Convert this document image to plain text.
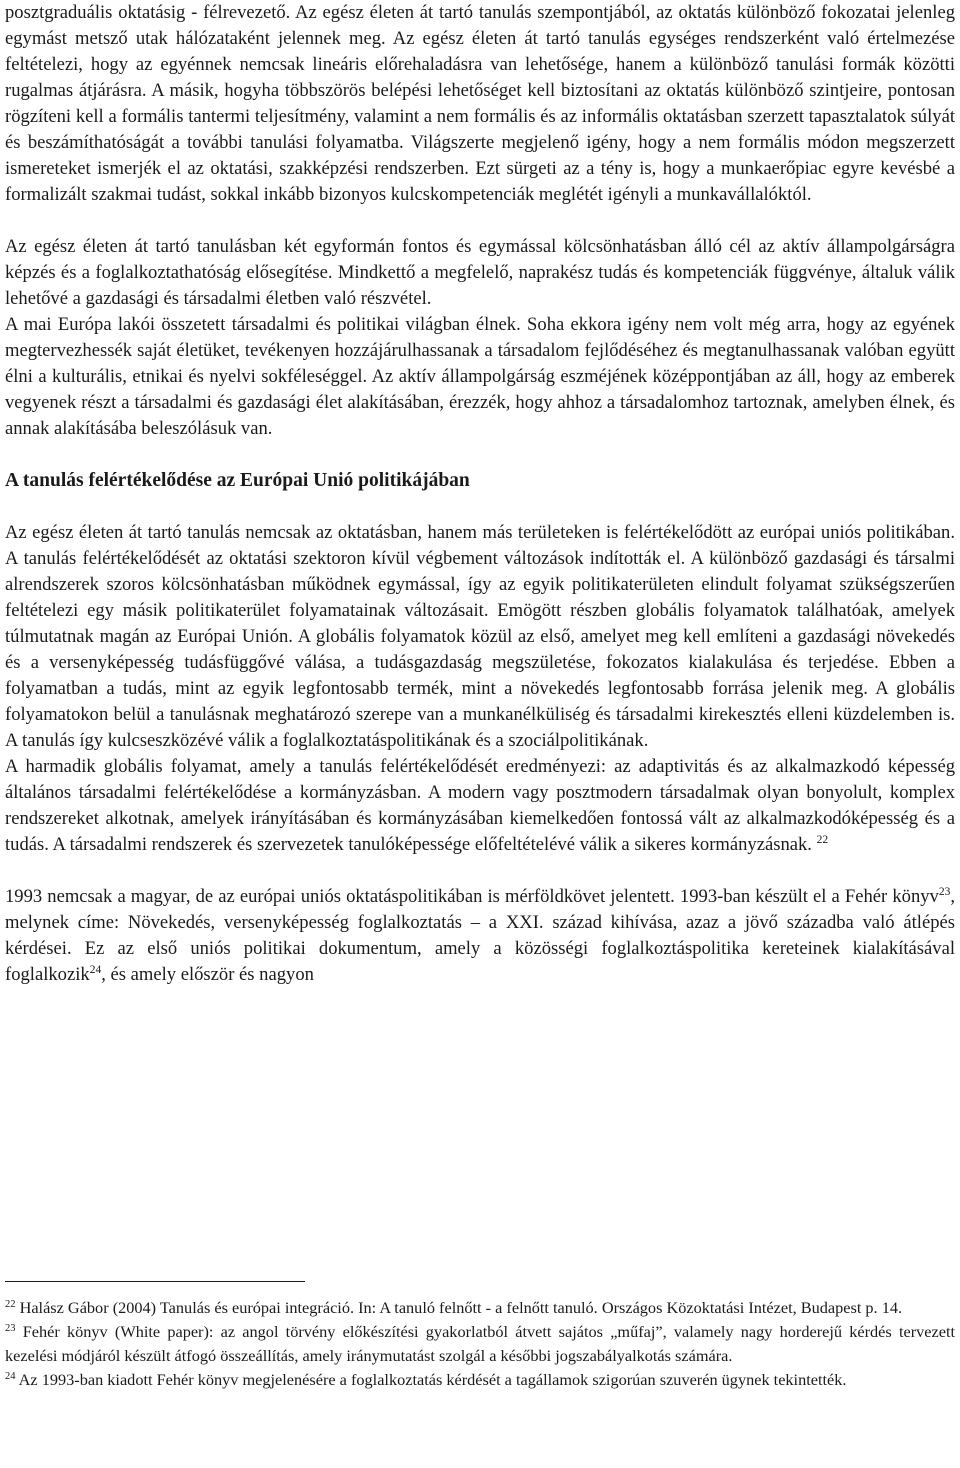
posztgraduális oktatásig - félrevezető. Az egész életen át tartó tanulás szempontjából, az oktatás különböző fokozatai jelenleg egymást metsző utak hálózataként jelennek meg. Az egész életen át tartó tanulás egységes rendszerként való értelmezése feltételezi, hogy az egyénnek nemcsak lineáris előrehaladásra van lehetősége, hanem a különböző tanulási formák közötti rugalmas átjárásra. A másik, hogyha többszörös belépési lehetőséget kell biztosítani az oktatás különböző szintjeire, pontosan rögzíteni kell a formális tantermi teljesítmény, valamint a nem formális és az informális oktatásban szerzett tapasztalatok súlyát és beszámíthatóságát a további tanulási folyamatba. Világszerte megjelenő igény, hogy a nem formális módon megszerzett ismereteket ismerjék el az oktatási, szakképzési rendszerben. Ezt sürgeti az a tény is, hogy a munkaerőpiac egyre kevésbé a formalizált szakmai tudást, sokkal inkább bizonyos kulcskompetenciák meglétét igényli a munkavállalóktól.

Az egész életen át tartó tanulásban két egyformán fontos és egymással kölcsönhatásban álló cél az aktív állampolgárságra képzés és a foglalkoztathatóság elősegítése. Mindkettő a megfelelő, naprakész tudás és kompetenciák függvénye, általuk válik lehetővé a gazdasági és társadalmi életben való részvétel.

A mai Európa lakói összetett társadalmi és politikai világban élnek. Soha ekkora igény nem volt még arra, hogy az egyének megtervezhessék saját életüket, tevékenyen hozzájárulhassanak a társadalom fejlődéséhez és megtanulhassanak valóban együtt élni a kulturális, etnikai és nyelvi sokféleséggel. Az aktív állampolgárság eszméjének középpontjában az áll, hogy az emberek vegyenek részt a társadalmi és gazdasági élet alakításában, érezzék, hogy ahhoz a társadalomhoz tartoznak, amelyben élnek, és annak alakításába beleszólásuk van.

A tanulás felértékelődése az Európai Unió politikájában

Az egész életen át tartó tanulás nemcsak az oktatásban, hanem más területeken is felértékelődött az európai uniós politikában. A tanulás felértékelődését az oktatási szektoron kívül végbement változások indították el. A különböző gazdasági és társalmi alrendszerek szoros kölcsönhatásban működnek egymással, így az egyik politikaterületen elindult folyamat szükségszerűen feltételezi egy másik politikaterület folyamatainak változásait. Emögött részben globális folyamatok találhatóak, amelyek túlmutatnak magán az Európai Unión. A globális folyamatok közül az első, amelyet meg kell említeni a gazdasági növekedés és a versenyképesség tudásfüggővé válása, a tudásgazdaság megszületése, fokozatos kialakulása és terjedése. Ebben a folyamatban a tudás, mint az egyik legfontosabb termék, mint a növekedés legfontosabb forrása jelenik meg. A globális folyamatokon belül a tanulásnak meghatározó szerepe van a munkanélküliség és társadalmi kirekesztés elleni küzdelemben is. A tanulás így kulcseszközévé válik a foglalkoztatáspolitikának és a szociálpolitikának.

A harmadik globális folyamat, amely a tanulás felértékelődését eredményezi: az adaptivitás és az alkalmazkodó képesség általános társadalmi felértékelődése a kormányzásban. A modern vagy posztmodern társadalmak olyan bonyolult, komplex rendszereket alkotnak, amelyek irányításában és kormányzásában kiemelkedően fontossá vált az alkalmazkodóképesség és a tudás. A társadalmi rendszerek és szervezetek tanulóképessége előfeltételévé válik a sikeres kormányzásnak. $^{22}$

1993 nemcsak a magyar, de az európai uniós oktatáspolitikában is mérföldkövet jelentett. 1993-ban készült el a Fehér könyv$^{23}$, melynek címe: Növekedés, versenyképesség foglalkoztatás – a XXI. század kihívása, azaz a jövő századba való átlépés kérdései. Ez az első uniós politikai dokumentum, amely a közösségi foglalkoztáspolitika kereteinek kialakításával foglalkozik$^{24}$, és amely először és nagyon

$^{22}$ Halász Gábor (2004) Tanulás és európai integráció. In: A tanuló felnőtt - a felnőtt tanuló. Országos Közoktatási Intézet, Budapest p. 14.

$^{23}$ Fehér könyv (White paper): az angol törvény előkészítési gyakorlatból átvett sajátos „műfaj”, valamely nagy horderejű kérdés tervezett kezelési módjáról készült átfogó összeállítás, amely iránymutatást szolgál a későbbi jogszabályalkotás számára.

$^{24}$ Az 1993-ban kiadott Fehér könyv megjelenésére a foglalkoztatás kérdését a tagállamok szigorúan szuverén ügynek tekintették.
